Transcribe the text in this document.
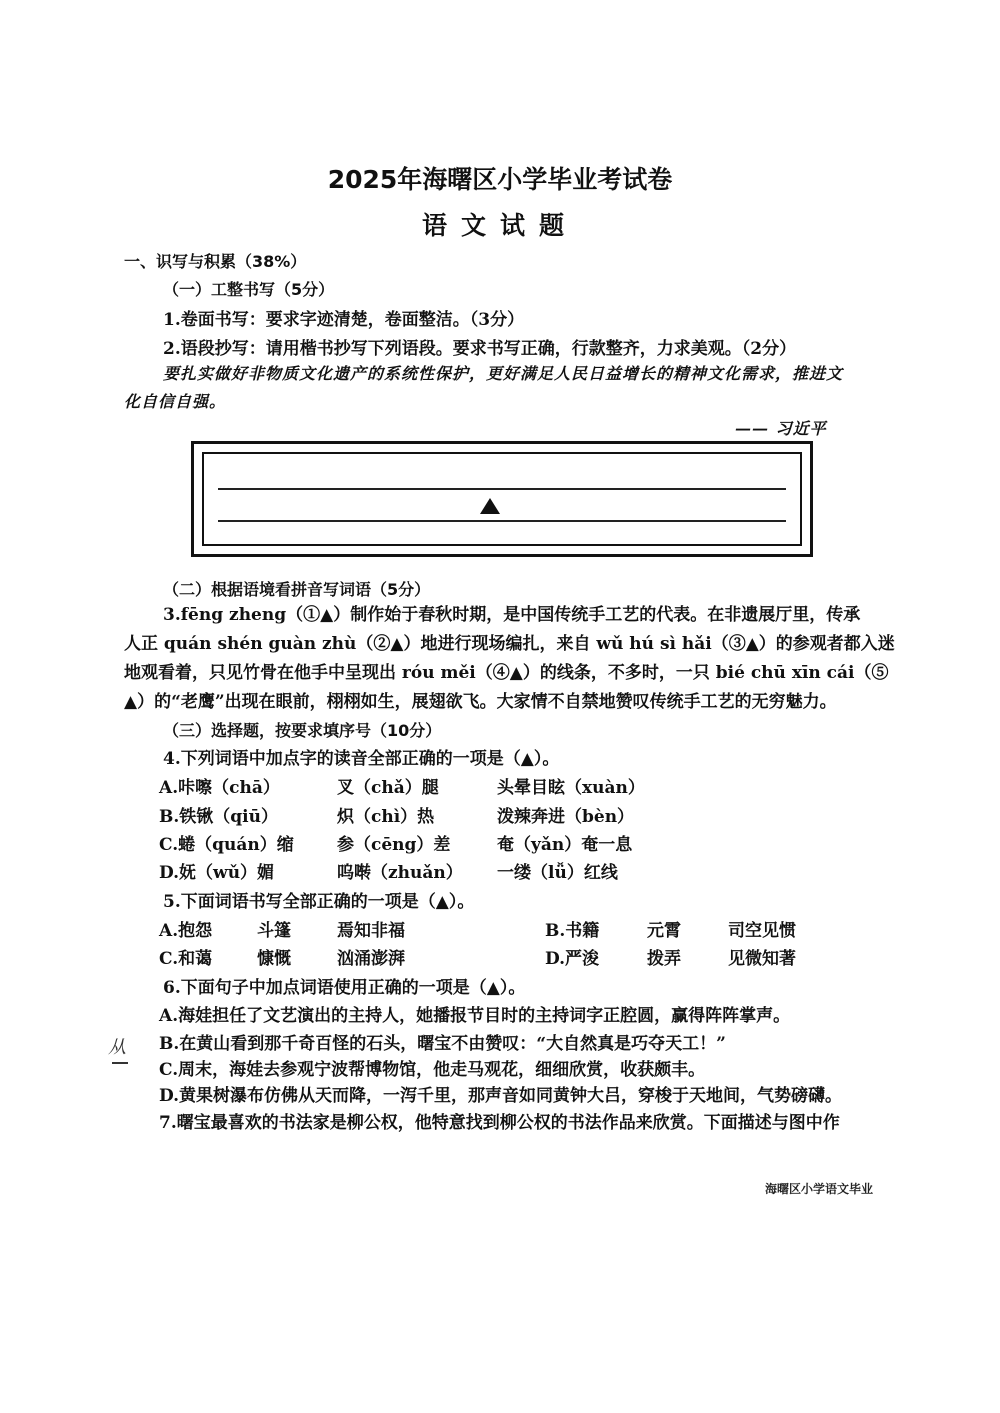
2025年海曙区小学毕业考试卷
语文试题
一、识写与积累（38%）
（一）工整书写（5分）
1.卷面书写：要求字迹清楚，卷面整洁。（3分）
2.语段抄写：请用楷书抄写下列语段。要求书写正确，行款整齐，力求美观。（2分）
要扎实做好非物质文化遗产的系统性保护，更好满足人民日益增长的精神文化需求，推进文
化自信自强。
—— 习近平
（二）根据语境看拼音写词语（5分）
3.fēng zheng（①▲）制作始于春秋时期，是中国传统手工艺的代表。在非遗展厅里，传承
人正 quán shén guàn zhù（②▲）地进行现场编扎，来自 wǔ hú sì hǎi（③▲）的参观者都入迷
地观看着，只见竹骨在他手中呈现出 róu měi（④▲）的线条，不多时，一只 bié chū xīn cái（⑤
▲）的“老鹰”出现在眼前，栩栩如生，展翅欲飞。大家情不自禁地赞叹传统手工艺的无穷魅力。
（三）选择题，按要求填序号（10分）
4.下列词语中加点字的读音全部正确的一项是（▲）。
A.咔嚓（chā）	叉（chǎ）腿	头晕目眩（xuàn）
B.铁锹（qiū）	炽（chì）热	泼辣奔进（bèn）
C.蜷（quán）缩	参（cēng）差	奄（yǎn）奄一息
D.妩（wǔ）媚	呜啭（zhuǎn） 一缕（lǚ）红线
5.下面词语书写全部正确的一项是（▲）。
A.抱怨	斗篷	焉知非福	B.书籍	元霄	司空见惯
C.和蔼	慷慨	汹涌澎湃	D.严浚	拨弄	见微知著
6.下面句子中加点词语使用正确的一项是（▲）。
A.海娃担任了文艺演出的主持人，她播报节目时的主持词字正腔圆，赢得阵阵掌声。
B.在黄山看到那千奇百怪的石头，曙宝不由赞叹：“大自然真是巧夺天工！”
C.周末，海娃去参观宁波帮博物馆，他走马观花，细细欣赏，收获颇丰。
D.黄果树瀑布仿佛从天而降，一泻千里，那声音如同黄钟大吕，穿梭于天地间，气势磅礴。
7.曙宝最喜欢的书法家是柳公权，他特意找到柳公权的书法作品来欣赏。下面描述与图中作
从
海曙区小学语文毕业
